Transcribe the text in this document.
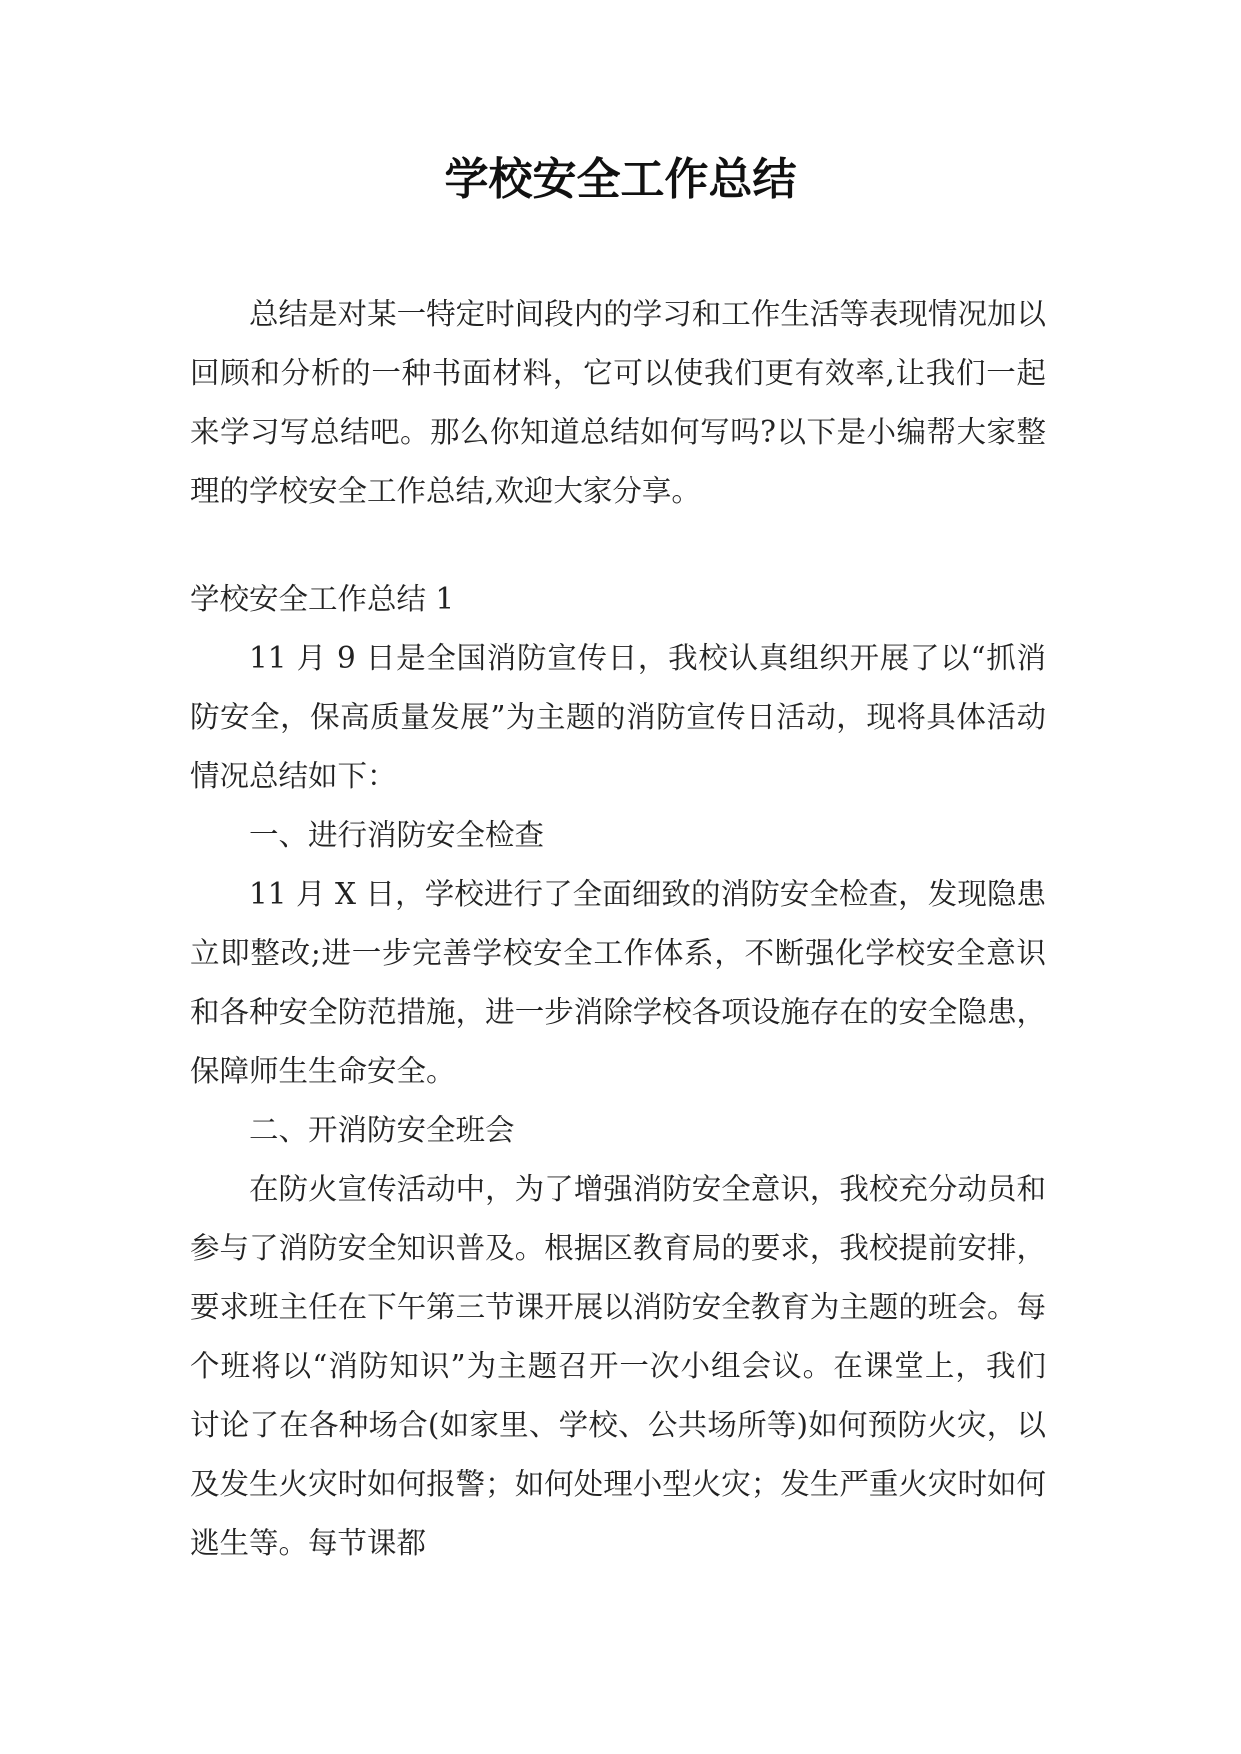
学校安全工作总结

总结是对某一特定时间段内的学习和工作生活等表现情况加以回顾和分析的一种书面材料，它可以使我们更有效率,让我们一起来学习写总结吧。那么你知道总结如何写吗?以下是小编帮大家整理的学校安全工作总结,欢迎大家分享。

学校安全工作总结 1

11 月 9 日是全国消防宣传日，我校认真组织开展了以“抓消防安全，保高质量发展”为主题的消防宣传日活动，现将具体活动情况总结如下：

一、进行消防安全检查

11 月 X 日，学校进行了全面细致的消防安全检查，发现隐患立即整改;进一步完善学校安全工作体系，不断强化学校安全意识和各种安全防范措施，进一步消除学校各项设施存在的安全隐患，保障师生生命安全。

二、开消防安全班会

在防火宣传活动中，为了增强消防安全意识，我校充分动员和参与了消防安全知识普及。根据区教育局的要求，我校提前安排，要求班主任在下午第三节课开展以消防安全教育为主题的班会。每个班将以“消防知识”为主题召开一次小组会议。在课堂上，我们讨论了在各种场合(如家里、学校、公共场所等)如何预防火灾，以及发生火灾时如何报警；如何处理小型火灾；发生严重火灾时如何逃生等。每节课都
